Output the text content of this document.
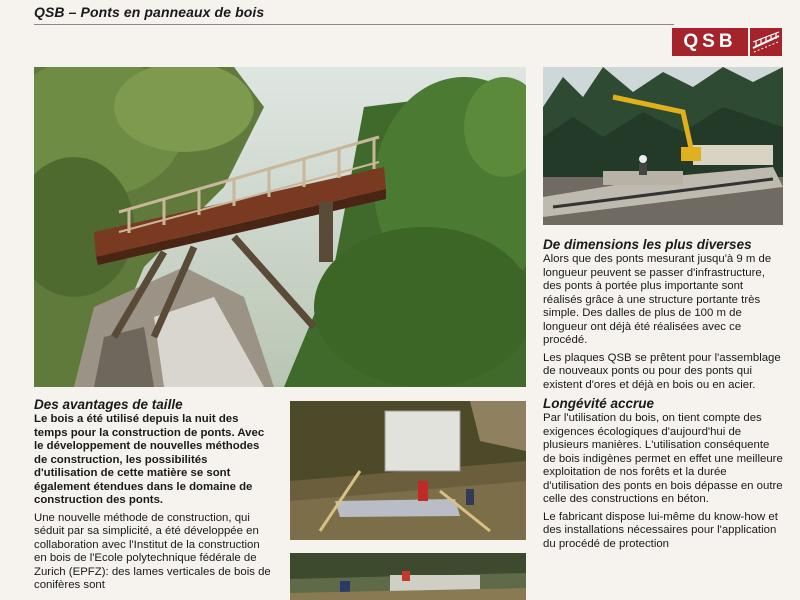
QSB – Ponts en panneaux de bois
QSB
Des avantages de taille
Le bois a été utilisé depuis la nuit des temps pour la construction de ponts. Avec le développement de nouvelles méthodes de construction, les possibilités d'utilisation de cette matière se sont également étendues dans le domaine de construction des ponts.
Une nouvelle méthode de construction, qui séduit par sa simplicité, a été développée en collaboration avec l'Institut de la construction en bois de l'Ecole polytechnique fédérale de Zurich (EPFZ): des lames verticales de bois de conifères sont
De dimensions les plus diverses
Alors que des ponts mesurant jusqu'à 9 m de longueur peuvent se passer d'infrastructure, des ponts à portée plus importante sont réalisés grâce à une structure portante très simple. Des dalles de plus de 100 m de longueur ont déjà été réalisées avec ce procédé.
Les plaques QSB se prêtent pour l'assemblage de nouveaux ponts ou pour des ponts qui existent d'ores et déjà en bois ou en acier.
Longévité accrue
Par l'utilisation du bois, on tient compte des exigences écologiques d'aujourd'hui de plusieurs manières. L'utilisation conséquente de bois indigènes permet en effet une meilleure exploitation de nos forêts et la durée d'utilisation des ponts en bois dépasse en outre celle des constructions en béton.
Le fabricant dispose lui-même du know-how et des installations nécessaires pour l'application du procédé de protection
